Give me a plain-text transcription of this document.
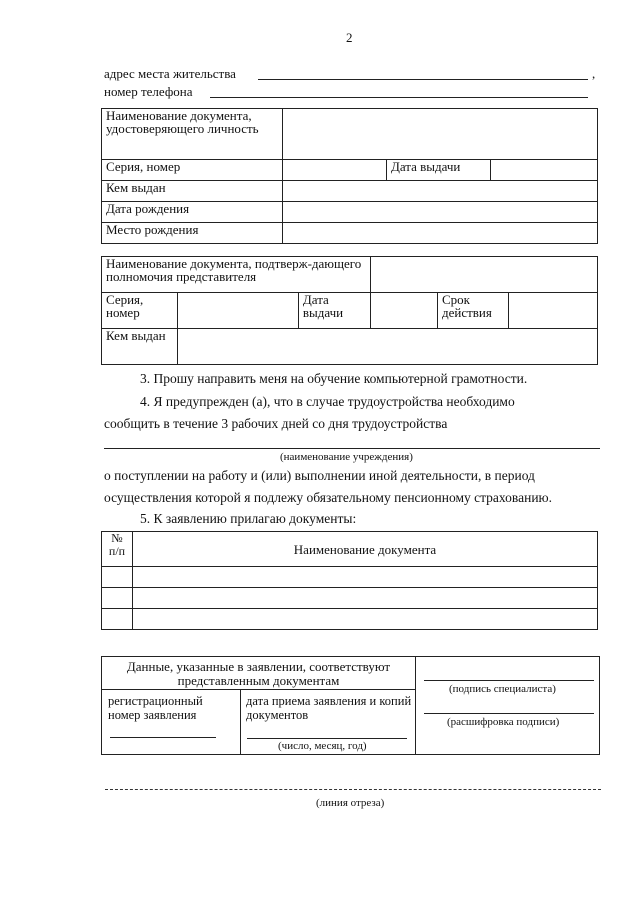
2
адрес места жительства	,
номер телефона
Наименование документа, удостоверяющего личность			
Серия, номер		Дата выдачи	
Кем выдан			
Дата рождения			
Место рождения			
Наименование документа, подтверж-дающего полномочия представителя					
Серия, номер		Дата выдачи		Срок действия	
Кем выдан					
3. Прошу направить меня на обучение компьютерной грамотности.
4. Я предупрежден (а), что в случае трудоустройства необходимо
сообщить в течение 3 рабочих дней со дня трудоустройства
(наименование учреждения)
о поступлении на работу и (или) выполнении иной деятельности, в период
осуществления которой я подлежу обязательному пенсионному страхованию.
5. К заявлению прилагаю документы:
№ п/п	Наименование документа

Данные, указанные в заявлении, соответствуют представленным документам
регистрационный номер заявления
дата приема заявления и копий документов
(число, месяц, год)
(подпись специалиста)
(расшифровка подписи)
(линия отреза)
